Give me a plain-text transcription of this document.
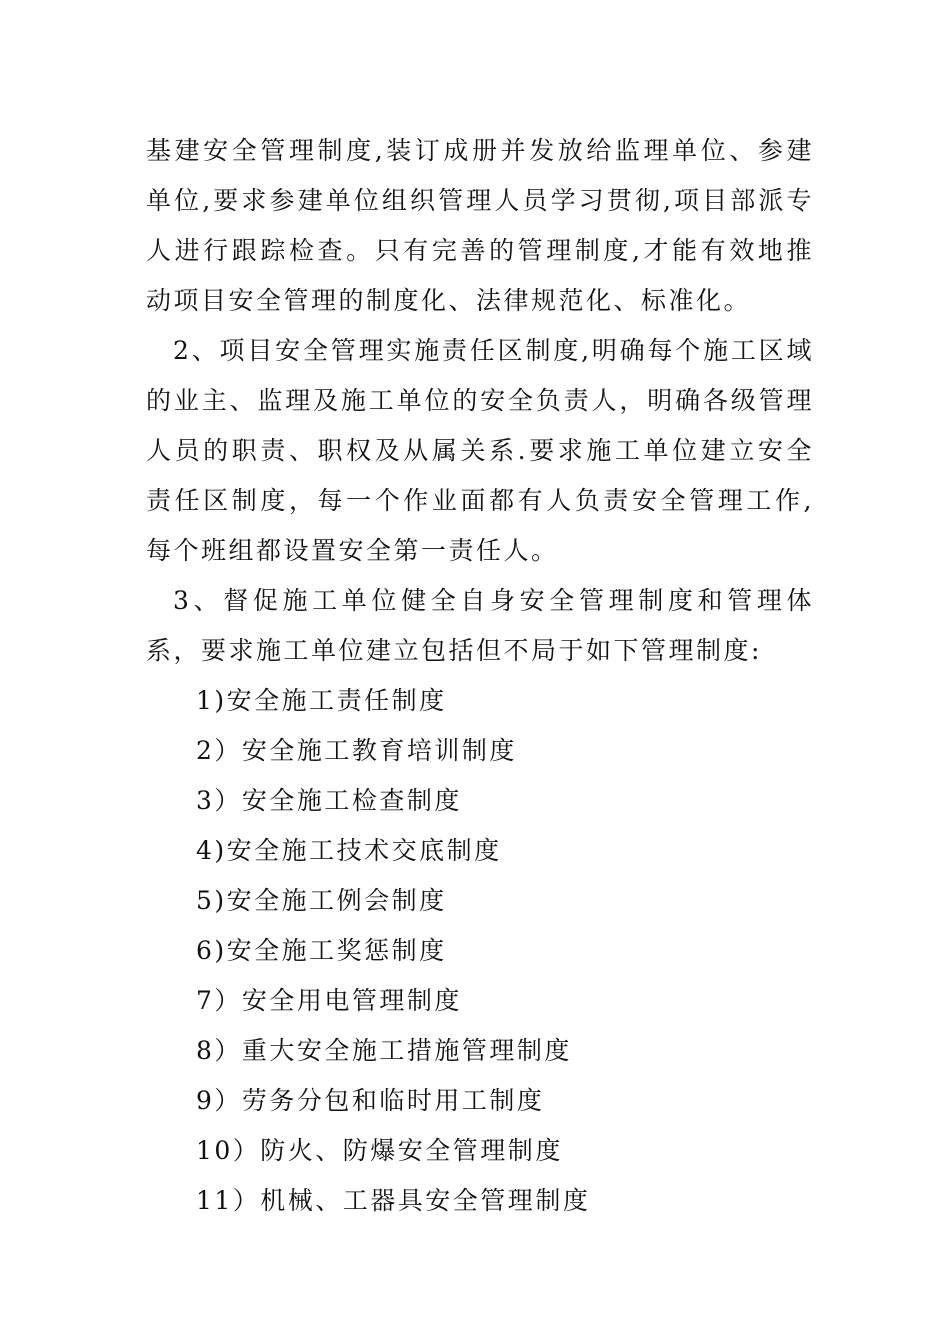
基建安全管理制度,装订成册并发放给监理单位、参建单位,要求参建单位组织管理人员学习贯彻,项目部派专人进行跟踪检查。只有完善的管理制度,才能有效地推动项目安全管理的制度化、法律规范化、标准化。

2、项目安全管理实施责任区制度,明确每个施工区域的业主、监理及施工单位的安全负责人，明确各级管理人员的职责、职权及从属关系.要求施工单位建立安全责任区制度，每一个作业面都有人负责安全管理工作,每个班组都设置安全第一责任人。

3、督促施工单位健全自身安全管理制度和管理体系，要求施工单位建立包括但不局于如下管理制度:

1)安全施工责任制度
2）安全施工教育培训制度
3）安全施工检查制度
4)安全施工技术交底制度
5)安全施工例会制度
6)安全施工奖惩制度
7）安全用电管理制度
8）重大安全施工措施管理制度
9）劳务分包和临时用工制度
10）防火、防爆安全管理制度
11）机械、工器具安全管理制度
